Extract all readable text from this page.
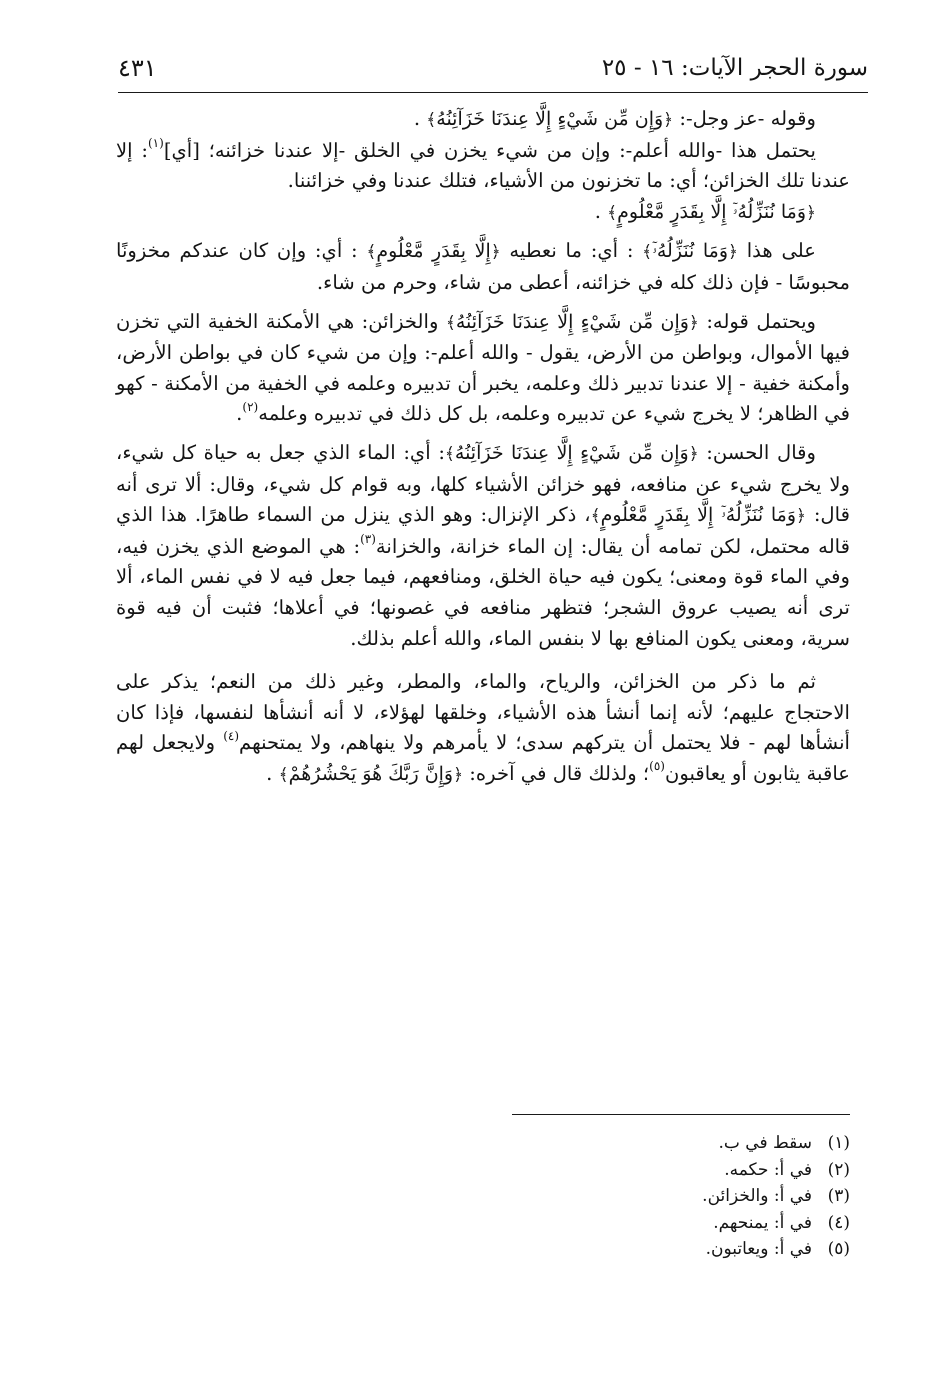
سورة الحجر الآيات: ١٦ - ٢٥
٤٣١

وقوله -عز وجل-: ﴿وَإِن مِّن شَيْءٍ إِلَّا عِندَنَا خَزَآئِنُهُ﴾ .

يحتمل هذا -والله أعلم-: وإن من شيء يخزن في الخلق -إلا عندنا خزائنه؛ [أي]$^{(١)}$: إلا عندنا تلك الخزائن؛ أي: ما تخزنون من الأشياء، فتلك عندنا وفي خزائننا.

﴿وَمَا نُنَزِّلُهُۥٓ إِلَّا بِقَدَرٍ مَّعْلُومٍ﴾ .

على هذا ﴿وَمَا نُنَزِّلُهُۥٓ﴾ : أي: ما نعطيه ﴿إِلَّا بِقَدَرٍ مَّعْلُومٍ﴾ : أي: وإن كان عندكم مخزونًا محبوسًا - فإن ذلك كله في خزائنه، أعطى من شاء، وحرم من شاء.

ويحتمل قوله: ﴿وَإِن مِّن شَيْءٍ إِلَّا عِندَنَا خَزَآئِنُهُ﴾ والخزائن: هي الأمكنة الخفية التي تخزن فيها الأموال، وبواطن من الأرض، يقول - والله أعلم-: وإن من شيء كان في بواطن الأرض، وأمكنة خفية - إلا عندنا تدبير ذلك وعلمه، يخبر أن تدبيره وعلمه في الخفية من الأمكنة - كهو في الظاهر؛ لا يخرج شيء عن تدبيره وعلمه، بل كل ذلك في تدبيره وعلمه$^{(٢)}$.

وقال الحسن: ﴿وَإِن مِّن شَيْءٍ إِلَّا عِندَنَا خَزَآئِنُهُ﴾: أي: الماء الذي جعل به حياة كل شيء، ولا يخرج شيء عن منافعه، فهو خزائن الأشياء كلها، وبه قوام كل شيء، وقال: ألا ترى أنه قال: ﴿وَمَا نُنَزِّلُهُۥٓ إِلَّا بِقَدَرٍ مَّعْلُومٍ﴾، ذكر الإنزال: وهو الذي ينزل من السماء طاهرًا. هذا الذي قاله محتمل، لكن تمامه أن يقال: إن الماء خزانة، والخزانة$^{(٣)}$: هي الموضع الذي يخزن فيه، وفي الماء قوة ومعنى؛ يكون فيه حياة الخلق، ومنافعهم، فيما جعل فيه لا في نفس الماء، ألا ترى أنه يصيب عروق الشجر؛ فتظهر منافعه في غصونها؛ في أعلاها؛ فثبت أن فيه قوة سرية، ومعنى يكون المنافع بها لا بنفس الماء، والله أعلم بذلك.

ثم ما ذكر من الخزائن، والرياح، والماء، والمطر، وغير ذلك من النعم؛ يذكر على الاحتجاج عليهم؛ لأنه إنما أنشأ هذه الأشياء، وخلقها لهؤلاء، لا أنه أنشأها لنفسها، فإذا كان أنشأها لهم - فلا يحتمل أن يتركهم سدى؛ لا يأمرهم ولا ينهاهم، ولا يمتحنهم$^{(٤)}$ ولايجعل لهم عاقبة يثابون أو يعاقبون$^{(٥)}$؛ ولذلك قال في آخره: ﴿وَإِنَّ رَبَّكَ هُوَ يَحْشُرُهُمْ﴾ .

(١)
سقط في ب.
(٢)
في أ: حكمه.
(٣)
في أ: والخزائن.
(٤)
في أ: يمنحهم.
(٥)
في أ: ويعاتبون.
